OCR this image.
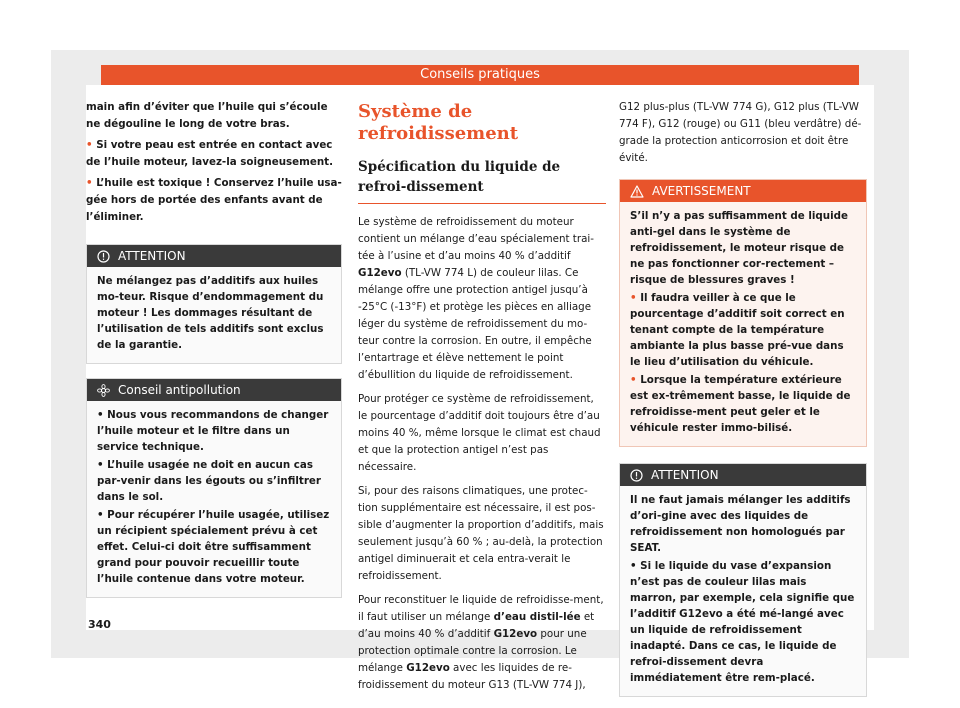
Conseils pratiques

main afin d’éviter que l’huile qui s’écoule ne dégouline le long de votre bras.

• Si votre peau est entrée en contact avec de l’huile moteur, lavez-la soigneusement.

• L’huile est toxique ! Conservez l’huile usa-gée hors de portée des enfants avant de l’éliminer.

ATTENTION

Ne mélangez pas d’additifs aux huiles mo-teur. Risque d’endommagement du moteur ! Les dommages résultant de l’utilisation de tels additifs sont exclus de la garantie.

Conseil antipollution

• Nous vous recommandons de changer l’huile moteur et le filtre dans un service technique.

• L’huile usagée ne doit en aucun cas par-venir dans les égouts ou s’infiltrer dans le sol.

• Pour récupérer l’huile usagée, utilisez un récipient spécialement prévu à cet effet. Celui-ci doit être suffisamment grand pour pouvoir recueillir toute l’huile contenue dans votre moteur.

Système de refroidissement

Spécification du liquide de refroi-dissement

Le système de refroidissement du moteur contient un mélange d’eau spécialement trai-tée à l’usine et d’au moins 40 % d’additif G12evo (TL-VW 774 L) de couleur lilas. Ce mélange offre une protection antigel jusqu’à -25°C (-13°F) et protège les pièces en alliage léger du système de refroidissement du mo-teur contre la corrosion. En outre, il empêche l’entartrage et élève nettement le point d’ébullition du liquide de refroidissement.

Pour protéger ce système de refroidissement, le pourcentage d’additif doit toujours être d’au moins 40 %, même lorsque le climat est chaud et que la protection antigel n’est pas nécessaire.

Si, pour des raisons climatiques, une protec-tion supplémentaire est nécessaire, il est pos-sible d’augmenter la proportion d’additifs, mais seulement jusqu’à 60 % ; au-delà, la protection antigel diminuerait et cela entra-verait le refroidissement.

Pour reconstituer le liquide de refroidisse-ment, il faut utiliser un mélange d’eau distil-lée et d’au moins 40 % d’additif G12evo pour une protection optimale contre la corrosion. Le mélange G12evo avec les liquides de re-froidissement du moteur G13 (TL-VW 774 J),

G12 plus-plus (TL-VW 774 G), G12 plus (TL-VW 774 F), G12 (rouge) ou G11 (bleu verdâtre) dé-grade la protection anticorrosion et doit être évité.

AVERTISSEMENT

S’il n’y a pas suffisamment de liquide anti-gel dans le système de refroidissement, le moteur risque de ne pas fonctionner cor-rectement – risque de blessures graves !

• Il faudra veiller à ce que le pourcentage d’additif soit correct en tenant compte de la température ambiante la plus basse pré-vue dans le lieu d’utilisation du véhicule.

• Lorsque la température extérieure est ex-trêmement basse, le liquide de refroidisse-ment peut geler et le véhicule rester immo-bilisé.

ATTENTION

Il ne faut jamais mélanger les additifs d’ori-gine avec des liquides de refroidissement non homologués par SEAT.

• Si le liquide du vase d’expansion n’est pas de couleur lilas mais marron, par exemple, cela signifie que l’additif G12evo a été mé-langé avec un liquide de refroidissement inadapté. Dans ce cas, le liquide de refroi-dissement devra immédiatement être rem-placé.

340
